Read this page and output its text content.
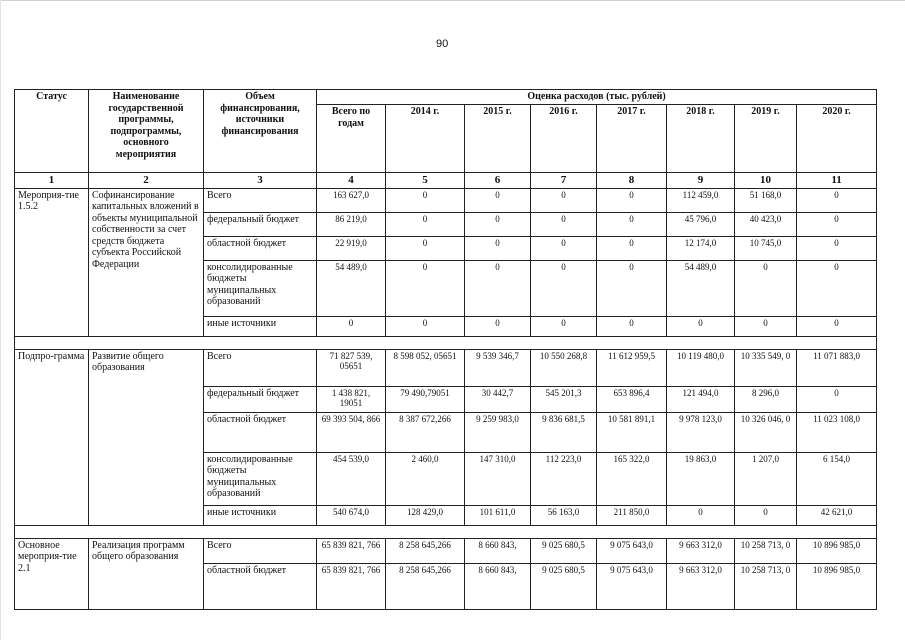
90
Статус	Наименование государственной программы, подпрограммы, основного мероприятия	Объем финансирования, источники финансирования	Оценка расходов (тыс. рублей)							
			Всего по годам	2014 г.	2015 г.	2016 г.	2017 г.	2018 г.	2019 г.	2020 г.
1	2	3	4	5	6	7	8	9	10	11
Мероприя-тие 1.5.2	Софинансирование капитальных вложений в объекты муниципальной собственности за счет средств бюджета субъекта Российской Федерации	Всего	163 627,0	0	0	0	0	112 459,0	51 168,0	0
		федеральный бюджет	86 219,0	0	0	0	0	45 796,0	40 423,0	0
		областной бюджет	22 919,0	0	0	0	0	12 174,0	10 745,0	0
		консолидированные бюджеты муниципальных образований	54 489,0	0	0	0	0	54 489,0	0	0
		иные источники	0	0	0	0	0	0	0	0

Подпро-грамма	Развитие общего образования	Всего	71 827 539, 05651	8 598 052, 05651	9 539 346,7	10 550 268,8	11 612 959,5	10 119 480,0	10 335 549, 0	11 071 883,0
		федеральный бюджет	1 438 821, 19051	79 490,79051	30 442,7	545 201,3	653 896,4	121 494,0	8 296,0	0
		областной бюджет	69 393 504, 866	8 387 672,266	9 259 983,0	9 836 681,5	10 581 891,1	9 978 123,0	10 326 046, 0	11 023 108,0
		консолидированные бюджеты муниципальных образований	454 539,0	2 460,0	147 310,0	112 223,0	165 322,0	19 863,0	1 207,0	6 154,0
		иные источники	540 674,0	128 429,0	101 611,0	56 163,0	211 850,0	0	0	42 621,0

Основное мероприя-тие 2.1	Реализация программ общего образования	Всего	65 839 821, 766	8 258 645,266	8 660 843,	9 025 680,5	9 075 643,0	9 663 312,0	10 258 713, 0	10 896 985,0
		областной бюджет	65 839 821, 766	8 258 645,266	8 660 843,	9 025 680,5	9 075 643,0	9 663 312,0	10 258 713, 0	10 896 985,0
